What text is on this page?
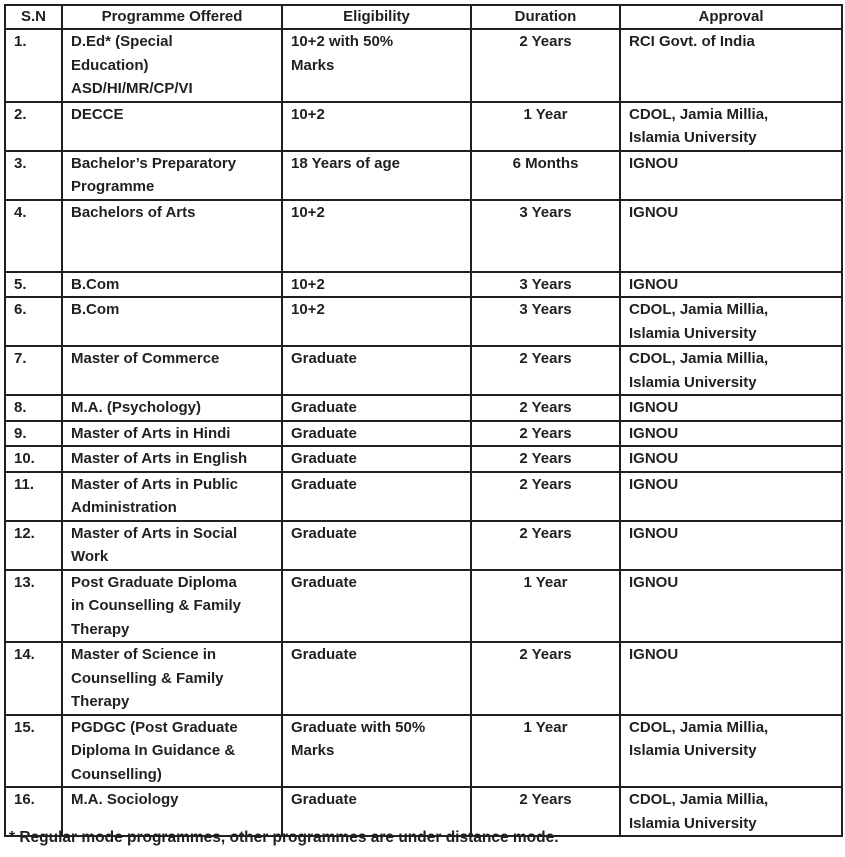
S.N	Programme Offered	Eligibility	Duration	Approval
1.	D.Ed* (Special
Education)
ASD/HI/MR/CP/VI	10+2 with 50%
Marks	2 Years	RCI Govt. of India

2.	DECCE	10+2	1 Year	CDOL, Jamia Millia,
Islamia University

3.	Bachelor’s Preparatory
Programme	18 Years of age	6 Months	IGNOU

4.	Bachelors of Arts	10+2	3 Years	IGNOU

5.	B.Com	10+2	3 Years	IGNOU

6.	B.Com	10+2	3 Years	CDOL, Jamia Millia,
Islamia University

7.	Master of Commerce	Graduate	2 Years	CDOL, Jamia Millia,
Islamia University

8.	M.A. (Psychology)	Graduate	2 Years	IGNOU

9.	Master of Arts in Hindi	Graduate	2 Years	IGNOU

10.	Master of Arts in English	Graduate	2 Years	IGNOU

11.	Master of Arts in Public
Administration	Graduate	2 Years	IGNOU

12.	Master of Arts in Social
Work	Graduate	2 Years	IGNOU

13.	Post Graduate Diploma
in Counselling & Family
Therapy	Graduate	1 Year	IGNOU

14.	Master of Science in
Counselling & Family
Therapy	Graduate	2 Years	IGNOU

15.	PGDGC (Post Graduate
Diploma In Guidance &
Counselling)	Graduate with 50%
Marks	1 Year	CDOL, Jamia Millia,
Islamia University

16.	M.A. Sociology	Graduate	2 Years	CDOL, Jamia Millia,
Islamia University
* Regular mode programmes, other programmes are under distance mode.
